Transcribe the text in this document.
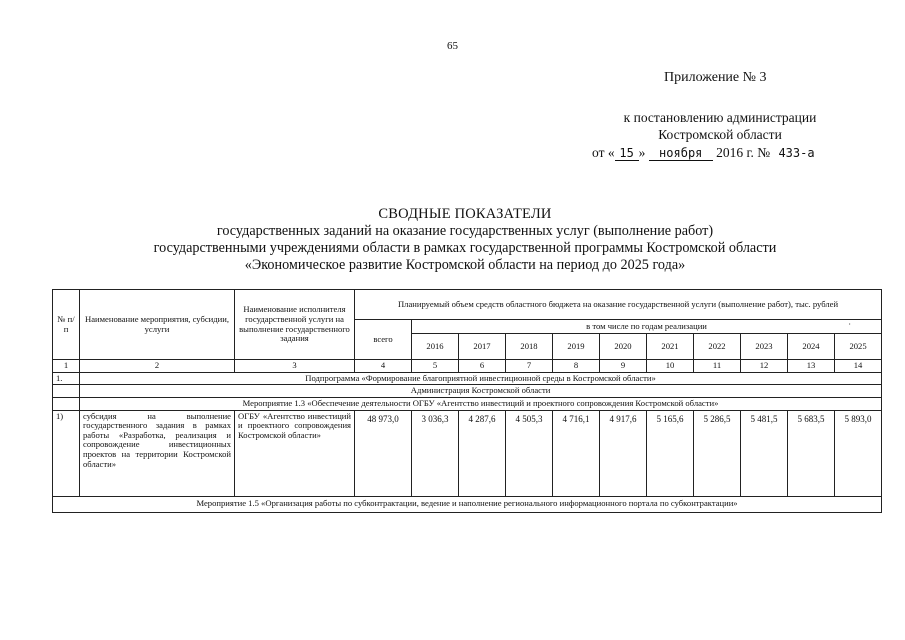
65
Приложение № 3
к постановлению администрации
Костромской области
от « 15 » ноября 2016 г. № 433-а
СВОДНЫЕ ПОКАЗАТЕЛИ
государственных заданий на оказание государственных услуг (выполнение работ)
государственными учреждениями области в рамках государственной программы Костромской области
«Экономическое развитие Костромской области на период до 2025 года»
№ п/п	Наименование мероприятия, субсидии, услуги	Наименование исполнителя государственной услуги на выполнение государственного задания	Планируемый объем средств областного бюджета на оказание государственной услуги (выполнение работ), тыс. рублей										
			всего	в том числе по годам реализации ·									

				2016	2017	2018	2019	2020	2021	2022	2023	2024	2025
1	2	3	4	5	6	7	8	9	10	11	12	13	14
1.	Подпрограмма «Формирование благоприятной инвестиционной среды в Костромской области»												
	Администрация Костромской области												
	Мероприятие 1.3 «Обеспечение деятельности ОГБУ «Агентство инвестиций и проектного сопровождения Костромской области»												
1)	субсидия на выполнение государственного задания в рамках работы «Разработка, реализация и сопровождение инвестиционных проектов на территории Костромской области»	ОГБУ «Агентство инвестиций и проектного сопровождения Костромской области»	48 973,0	3 036,3	4 287,6	4 505,3	4 716,1	4 917,6	5 165,6	5 286,5	5 481,5	5 683,5	5 893,0
Мероприятие 1.5 «Организация работы по субконтрактации, ведение и наполнение регионального информационного портала по субконтрактации»													
